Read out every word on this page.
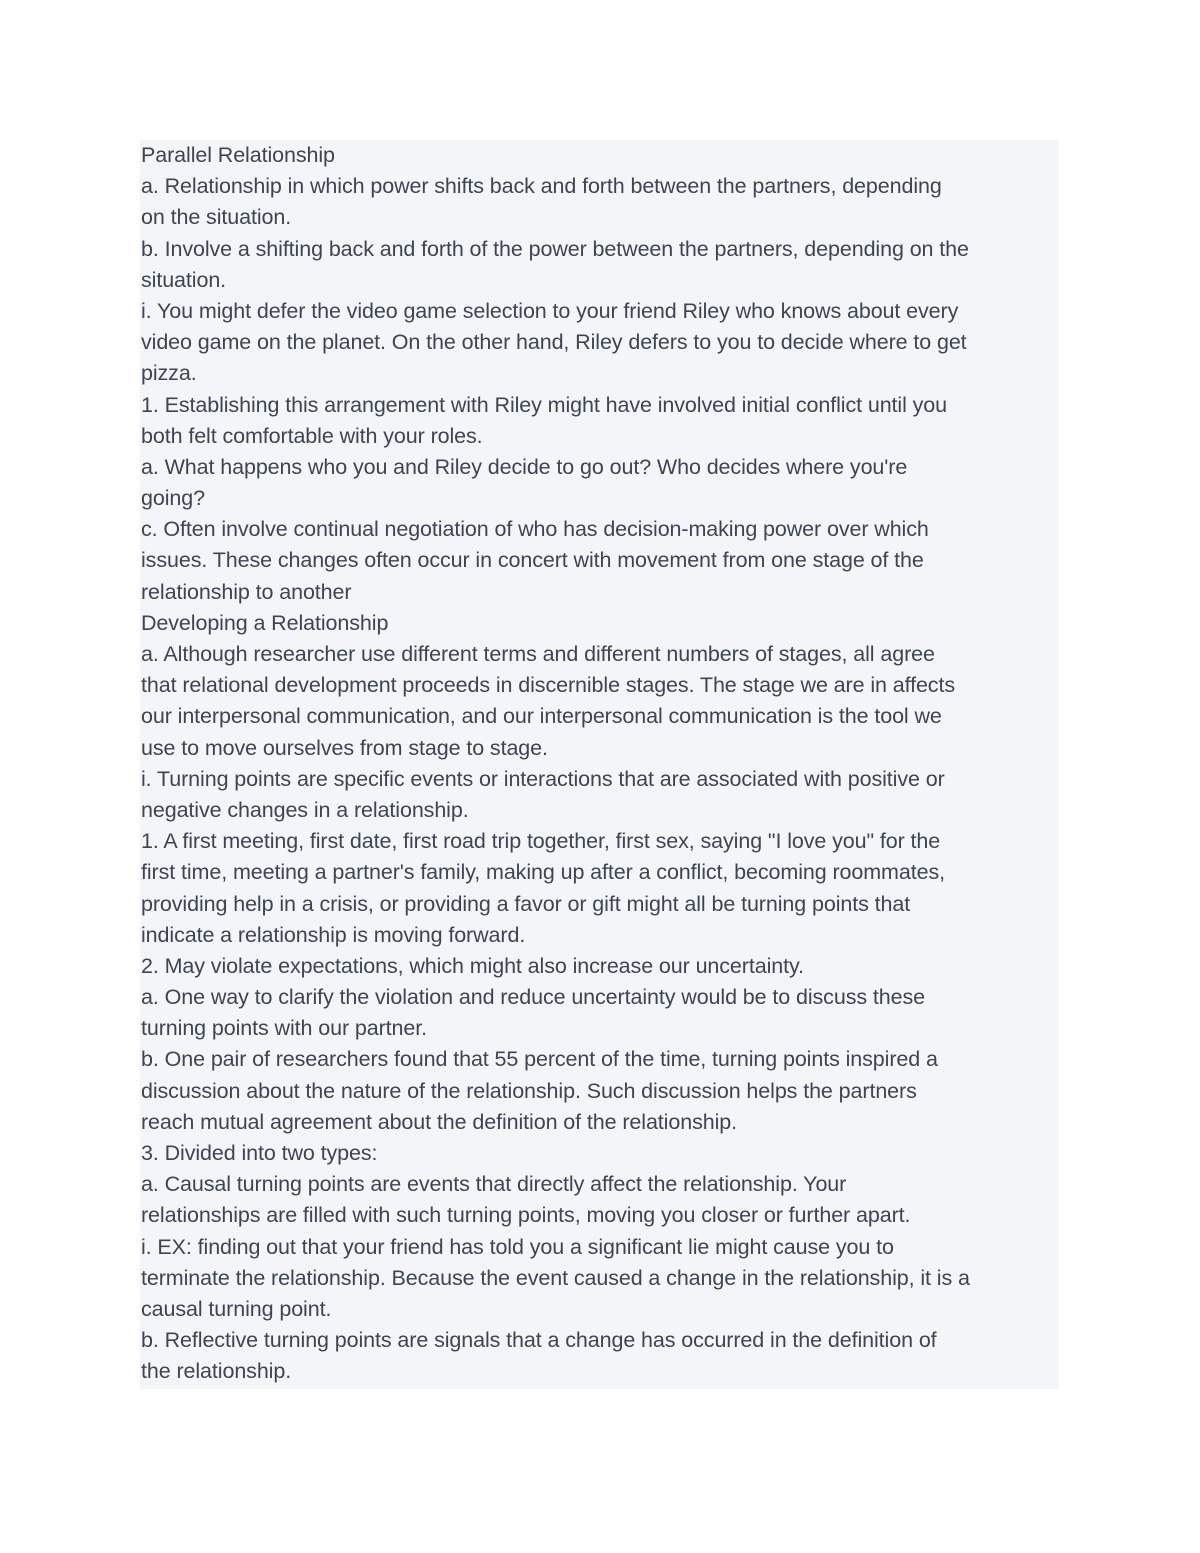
Parallel Relationship
a. Relationship in which power shifts back and forth between the partners, depending
on the situation.
b. Involve a shifting back and forth of the power between the partners, depending on the
situation.
i. You might defer the video game selection to your friend Riley who knows about every
video game on the planet. On the other hand, Riley defers to you to decide where to get
pizza.
1. Establishing this arrangement with Riley might have involved initial conflict until you
both felt comfortable with your roles.
a. What happens who you and Riley decide to go out? Who decides where you're
going?
c. Often involve continual negotiation of who has decision-making power over which
issues. These changes often occur in concert with movement from one stage of the
relationship to another
Developing a Relationship
a. Although researcher use different terms and different numbers of stages, all agree
that relational development proceeds in discernible stages. The stage we are in affects
our interpersonal communication, and our interpersonal communication is the tool we
use to move ourselves from stage to stage.
i. Turning points are specific events or interactions that are associated with positive or
negative changes in a relationship.
1. A first meeting, first date, first road trip together, first sex, saying "I love you" for the
first time, meeting a partner's family, making up after a conflict, becoming roommates,
providing help in a crisis, or providing a favor or gift might all be turning points that
indicate a relationship is moving forward.
2. May violate expectations, which might also increase our uncertainty.
a. One way to clarify the violation and reduce uncertainty would be to discuss these
turning points with our partner.
b. One pair of researchers found that 55 percent of the time, turning points inspired a
discussion about the nature of the relationship. Such discussion helps the partners
reach mutual agreement about the definition of the relationship.
3. Divided into two types:
a. Causal turning points are events that directly affect the relationship. Your
relationships are filled with such turning points, moving you closer or further apart.
i. EX: finding out that your friend has told you a significant lie might cause you to
terminate the relationship. Because the event caused a change in the relationship, it is a
causal turning point.
b. Reflective turning points are signals that a change has occurred in the definition of
the relationship.
